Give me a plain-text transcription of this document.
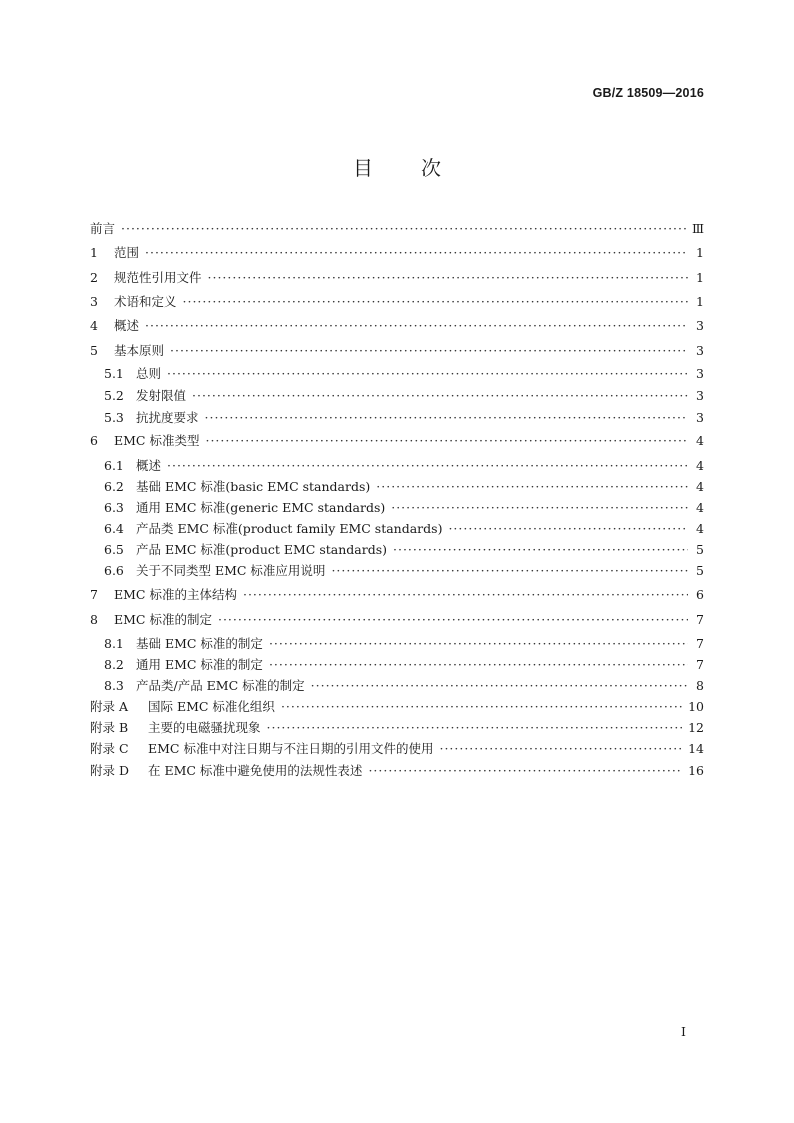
GB/Z 18509—2016
目次
前言 ·····	Ⅲ
1	范围 ·····	1
2	规范性引用文件 ·····	1
3	术语和定义 ·····	1
4	概述 ·····	3
5	基本原则 ·····	3
5.1 总则 ·····	3
5.2 发射限值 ·····	3
5.3 抗扰度要求 ·····	3
6	EMC 标准类型 ·····	4
6.1 概述 ·····	4
6.2 基础 EMC 标准(basic EMC standards) ·····	4
6.3 通用 EMC 标准(generic EMC standards) ·····	4
6.4 产品类 EMC 标准(product family EMC standards) ·····	4
6.5 产品 EMC 标准(product EMC standards) ·····	5
6.6 关于不同类型 EMC 标准应用说明 ·····	5
7	EMC 标准的主体结构 ·····	6
8	EMC 标准的制定 ·····	7
8.1 基础 EMC 标准的制定 ·····	7
8.2 通用 EMC 标准的制定 ·····	7
8.3 产品类/产品 EMC 标准的制定 ·····	8
附录 A	国际 EMC 标准化组织 ·····	10
附录 B	主要的电磁骚扰现象 ·····	12
附录 C	EMC 标准中对注日期与不注日期的引用文件的使用 ·····	14
附录 D	在 EMC 标准中避免使用的法规性表述 ·····	16
I
